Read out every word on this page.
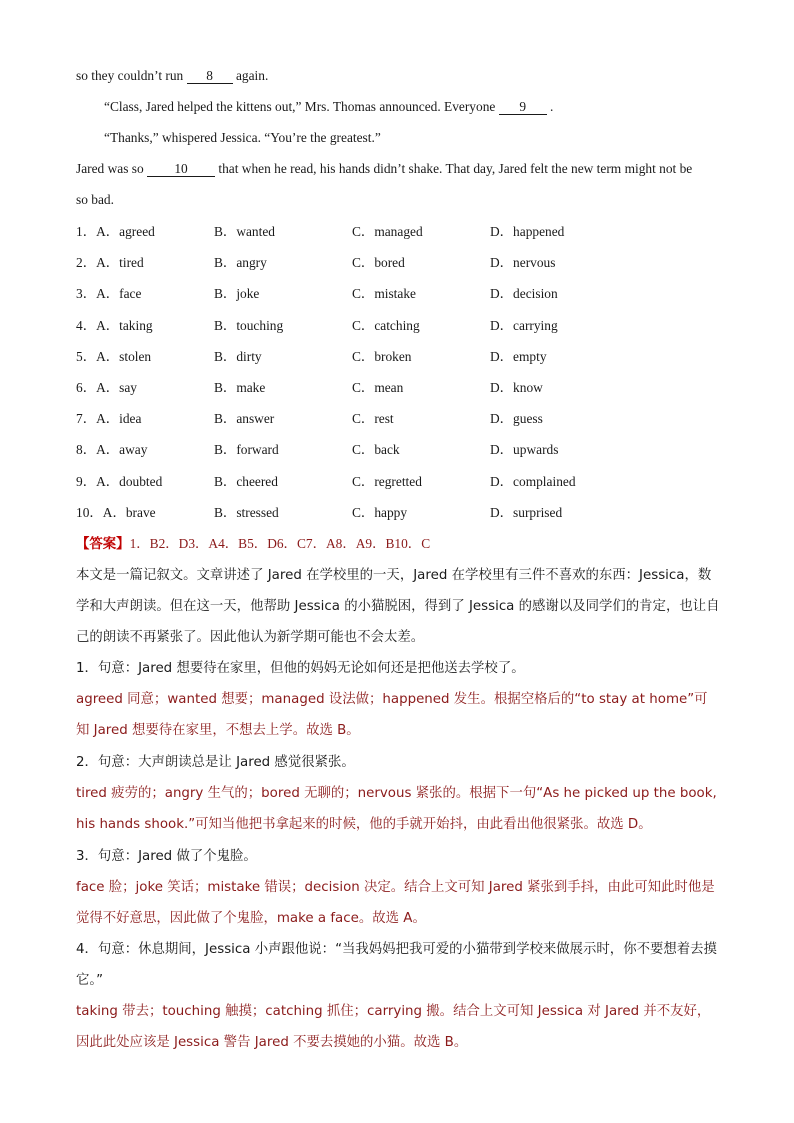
so they couldn’t run 8 again.
“Class, Jared helped the kittens out,” Mrs. Thomas announced. Everyone 9 .
“Thanks,” whispered Jessica. “You’re the greatest.”
Jared was so 10 that when he read, his hands didn’t shake. That day, Jared felt the new term might not be
so bad.
1．A．agreed	B．wanted	C．managed	D．happened
2．A．tired	B．angry	C．bored	D．nervous
3．A．face	B．joke	C．mistake	D．decision
4．A．taking	B．touching	C．catching	D．carrying
5．A．stolen	B．dirty	C．broken	D．empty
6．A．say	B．make	C．mean	D．know
7．A．idea	B．answer	C．rest	D．guess
8．A．away	B．forward	C．back	D．upwards
9．A．doubted	B．cheered	C．regretted	D．complained
10．A．brave	B．stressed	C．happy	D．surprised
【答案】1．B2．D3．A4．B5．D6．C7．A8．A9．B10．C
本文是一篇记叙文。文章讲述了 Jared 在学校里的一天，Jared 在学校里有三件不喜欢的东西：Jessica，数学和大声朗读。但在这一天，他帮助 Jessica 的小猫脱困，得到了 Jessica 的感谢以及同学们的肯定，也让自己的朗读不再紧张了。因此他认为新学期可能也不会太差。
1．句意：Jared 想要待在家里，但他的妈妈无论如何还是把他送去学校了。
agreed 同意；wanted 想要；managed 设法做；happened 发生。根据空格后的“to stay at home”可知 Jared 想要待在家里，不想去上学。故选 B。
2．句意：大声朗读总是让 Jared 感觉很紧张。
tired 疲劳的；angry 生气的；bored 无聊的；nervous 紧张的。根据下一句“As he picked up the book, his hands shook.”可知当他把书拿起来的时候，他的手就开始抖，由此看出他很紧张。故选 D。
3．句意：Jared 做了个鬼脸。
face 脸；joke 笑话；mistake 错误；decision 决定。结合上文可知 Jared 紧张到手抖，由此可知此时他是觉得不好意思，因此做了个鬼脸，make a face。故选 A。
4．句意：休息期间，Jessica 小声跟他说：“当我妈妈把我可爱的小猫带到学校来做展示时，你不要想着去摸它。”
taking 带去；touching 触摸；catching 抓住；carrying 搬。结合上文可知 Jessica 对 Jared 并不友好，因此此处应该是 Jessica 警告 Jared 不要去摸她的小猫。故选 B。
